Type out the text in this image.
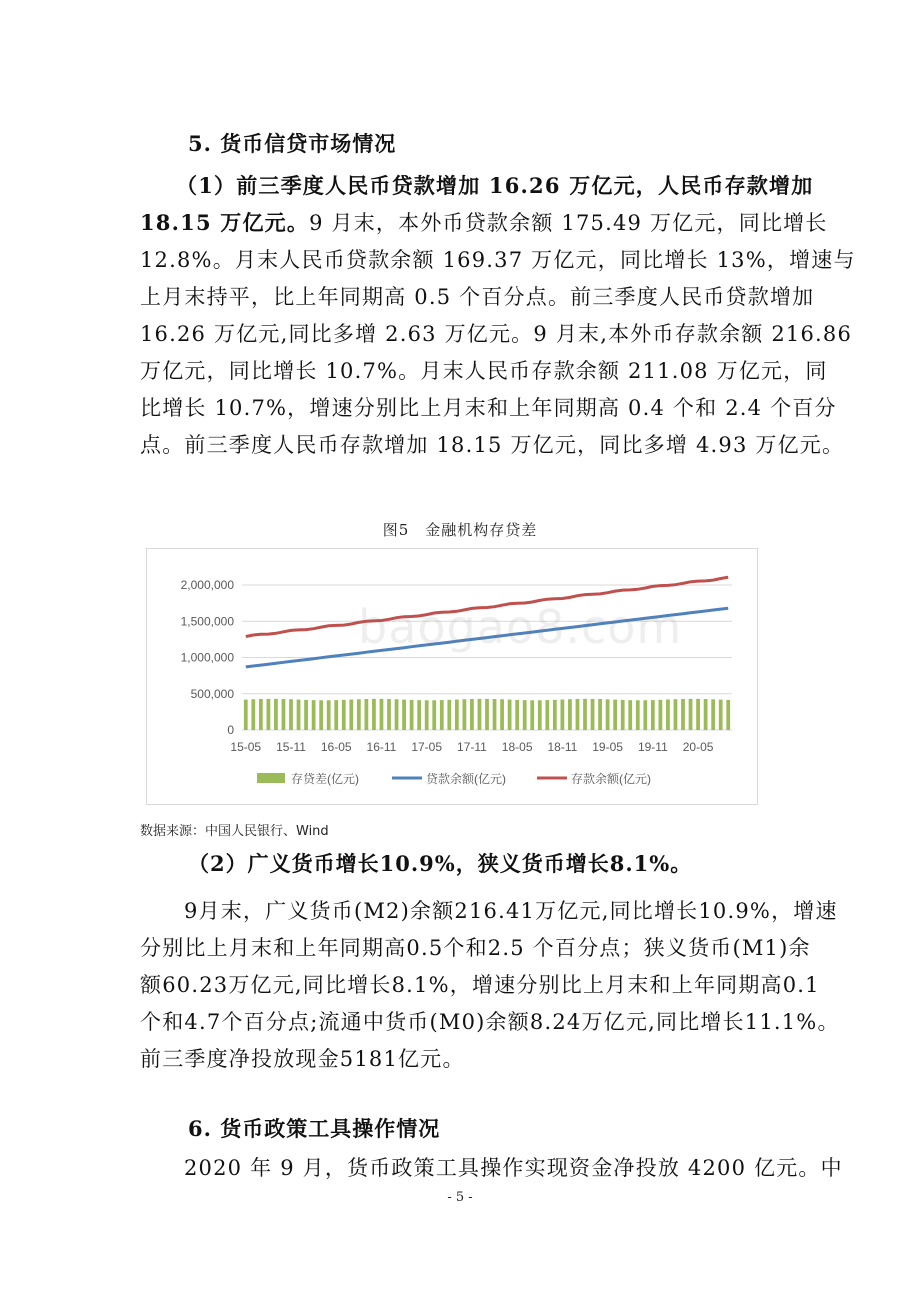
5. 货币信贷市场情况
（1）前三季度人民币贷款增加 16.26 万亿元，人民币存款增加
18.15 万亿元。9 月末，本外币贷款余额 175.49 万亿元，同比增长
12.8%。月末人民币贷款余额 169.37 万亿元，同比增长 13%，增速与
上月末持平，比上年同期高 0.5 个百分点。前三季度人民币贷款增加
16.26 万亿元,同比多增 2.63 万亿元。9 月末,本外币存款余额 216.86
万亿元，同比增长 10.7%。月末人民币存款余额 211.08 万亿元，同
比增长 10.7%，增速分别比上月末和上年同期高 0.4 个和 2.4 个百分
点。前三季度人民币存款增加 18.15 万亿元，同比多增 4.93 万亿元。
图5　金融机构存贷差
0
500,000
1,000,000
1,500,000
2,000,000
15-05 15-11 16-05 16-11 17-05 17-11 18-05 18-11 19-05 19-11 20-05
存贷差(亿元)	贷款余额(亿元)	存款余额(亿元)
baogao8.com
数据来源：中国人民银行、Wind
（2）广义货币增长10.9%，狭义货币增长8.1%。
9月末，广义货币(M2)余额216.41万亿元,同比增长10.9%，增速
分别比上月末和上年同期高0.5个和2.5 个百分点；狭义货币(M1)余
额60.23万亿元,同比增长8.1%，增速分别比上月末和上年同期高0.1
个和4.7个百分点;流通中货币(M0)余额8.24万亿元,同比增长11.1%。
前三季度净投放现金5181亿元。
6. 货币政策工具操作情况
2020 年 9 月，货币政策工具操作实现资金净投放 4200 亿元。中
- 5 -
